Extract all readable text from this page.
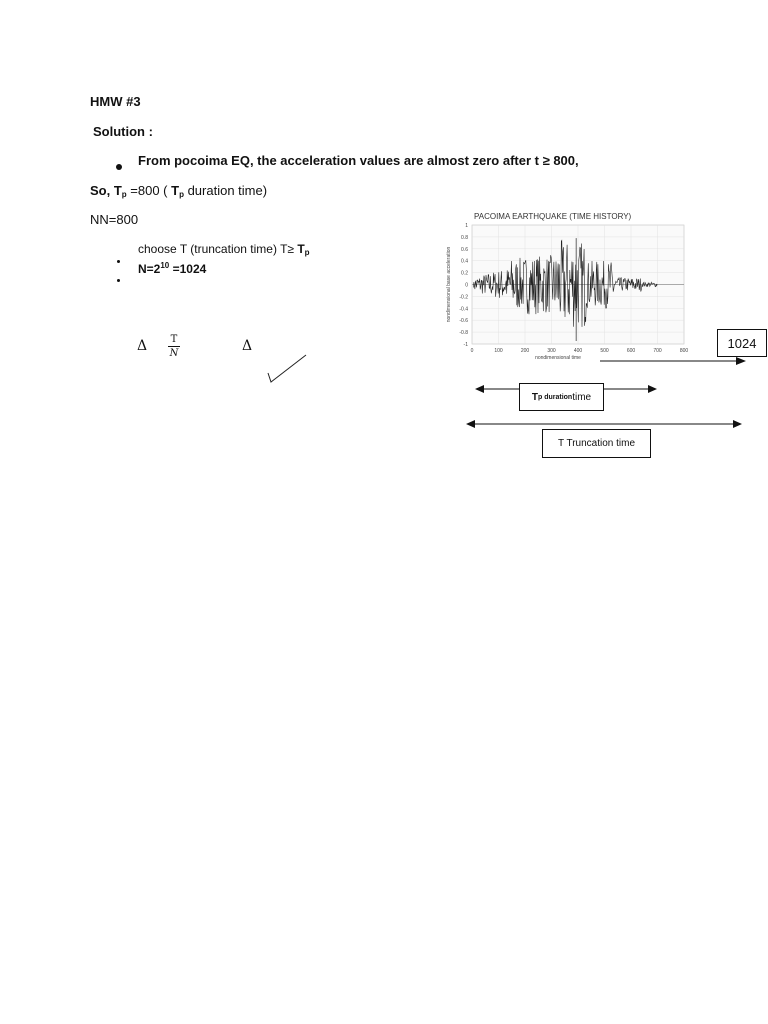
HMW #3
Solution :
From pocoima EQ, the acceleration values are almost zero after t ≥ 800,
So, $T_p =800$ ( $T_p$ duration time)
NN=800
choose T (truncation time) $T\ge T_p$
$N=2^{10} =1024$
Δ	T
N	Δ
PACOIMA EARTHQUAKE (TIME HISTORY)
1
0.8
0.6
0.4
0.2
0
-0.2
-0.4
-0.6
-0.8
-1
0	100	200	300	400	500	600	700	800
nondimensional time
nondimensional base acceleration
1024
T p duration time
T Truncation time
